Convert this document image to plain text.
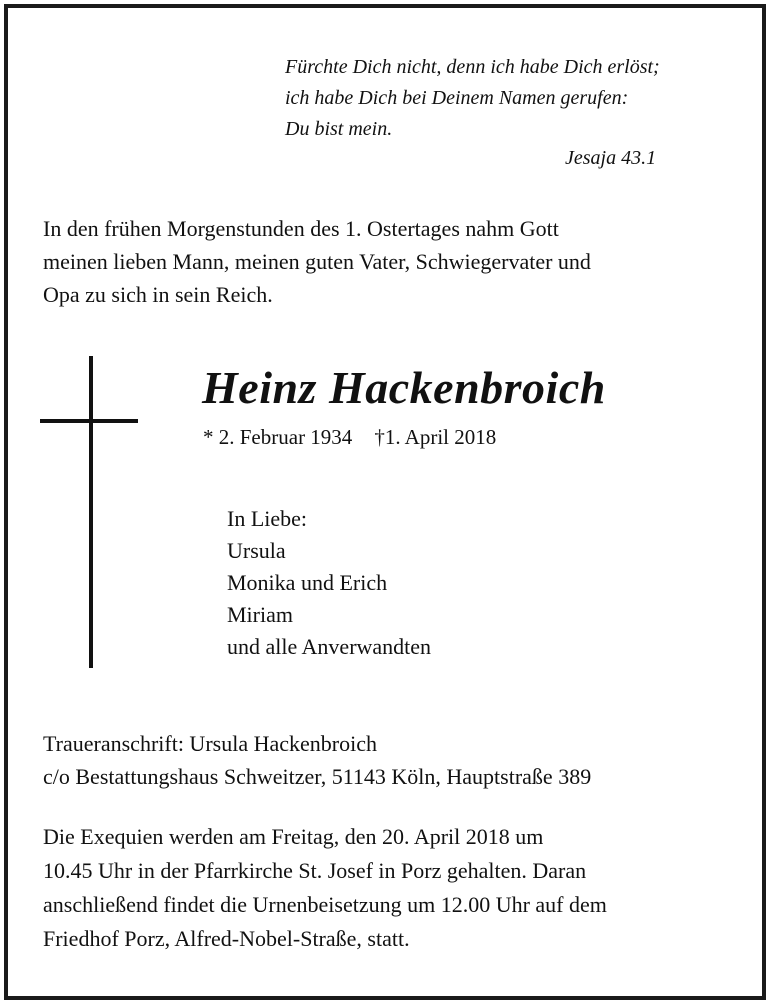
Fürchte Dich nicht, denn ich habe Dich erlöst;
ich habe Dich bei Deinem Namen gerufen:
Du bist mein.
Jesaja 43.1
In den frühen Morgenstunden des 1. Ostertages nahm Gott
meinen lieben Mann, meinen guten Vater, Schwiegervater und
Opa zu sich in sein Reich.
Heinz Hackenbroich
* 2. Februar 1934 †1. April 2018
In Liebe:
Ursula
Monika und Erich
Miriam
und alle Anverwandten
Traueranschrift: Ursula Hackenbroich
c/o Bestattungshaus Schweitzer, 51143 Köln, Hauptstraße 389
Die Exequien werden am Freitag, den 20. April 2018 um
10.45 Uhr in der Pfarrkirche St. Josef in Porz gehalten. Daran
anschließend findet die Urnenbeisetzung um 12.00 Uhr auf dem
Friedhof Porz, Alfred-Nobel-Straße, statt.
